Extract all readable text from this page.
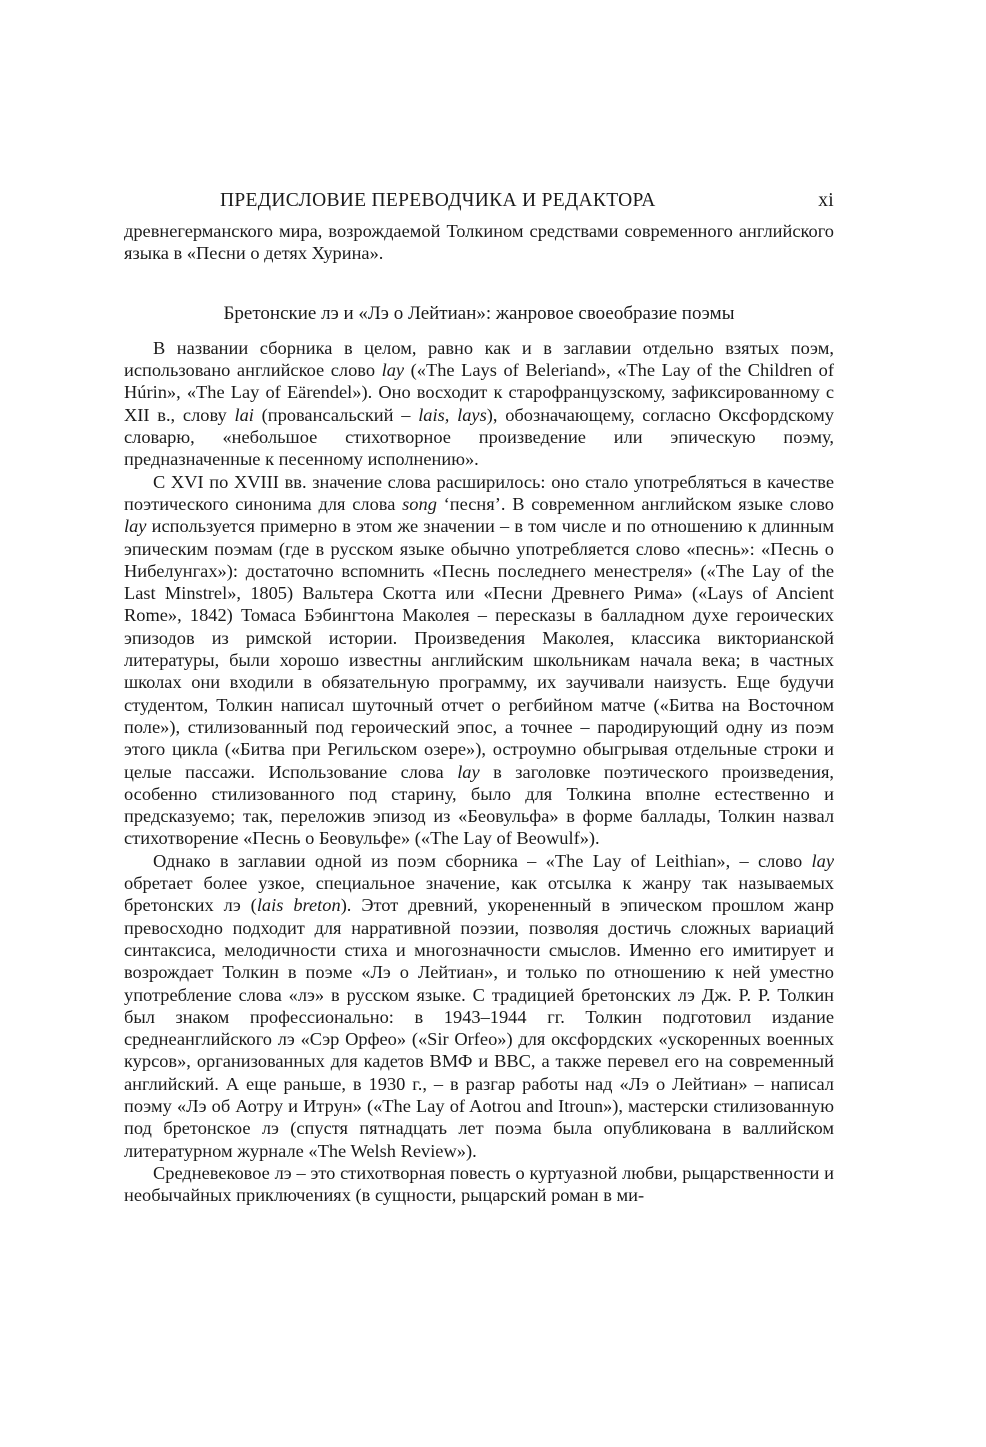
ПРЕДИСЛОВИЕ ПЕРЕВОДЧИКА И РЕДАКТОРА	xi

древнегерманского мира, возрождаемой Толкином средствами современного английского языка в «Песни о детях Хурина».

Бретонские лэ и «Лэ о Лейтиан»: жанровое своеобразие поэмы

В названии сборника в целом, равно как и в заглавии отдельно взятых поэм, использовано английское слово lay («The Lays of Beleriand», «The Lay of the Children of Húrin», «The Lay of Eärendel»). Оно восходит к старофранцузскому, зафиксированному с XII в., слову lai (провансальский – lais, lays), обозначающему, согласно Оксфордскому словарю, «небольшое стихотворное произведение или эпическую поэму, предназначенные к песенному исполнению».

С XVI по XVIII вв. значение слова расширилось: оно стало употребляться в качестве поэтического синонима для слова song ‘песня’. В современном английском языке слово lay используется примерно в этом же значении – в том числе и по отношению к длинным эпическим поэмам (где в русском языке обычно употребляется слово «песнь»: «Песнь о Нибелунгах»): достаточно вспомнить «Песнь последнего менестреля» («The Lay of the Last Minstrel», 1805) Вальтера Скотта или «Песни Древнего Рима» («Lays of Ancient Rome», 1842) Томаса Бэбингтона Маколея – пересказы в балладном духе героических эпизодов из римской истории. Произведения Маколея, классика викторианской литературы, были хорошо известны английским школьникам начала века; в частных школах они входили в обязательную программу, их заучивали наизусть. Еще будучи студентом, Толкин написал шуточный отчет о регбийном матче («Битва на Восточном поле»), стилизованный под героический эпос, а точнее – пародирующий одну из поэм этого цикла («Битва при Регильском озере»), остроумно обыгрывая отдельные строки и целые пассажи. Использование слова lay в заголовке поэтического произведения, особенно стилизованного под старину, было для Толкина вполне естественно и предсказуемо; так, переложив эпизод из «Беовульфа» в форме баллады, Толкин назвал стихотворение «Песнь о Беовульфе» («The Lay of Beowulf»).

Однако в заглавии одной из поэм сборника – «The Lay of Leithian», – слово lay обретает более узкое, специальное значение, как отсылка к жанру так называемых бретонских лэ (lais breton). Этот древний, укорененный в эпическом прошлом жанр превосходно подходит для нарративной поэзии, позволяя достичь сложных вариаций синтаксиса, мелодичности стиха и многозначности смыслов. Именно его имитирует и возрождает Толкин в поэме «Лэ о Лейтиан», и только по отношению к ней уместно употребление слова «лэ» в русском языке. С традицией бретонских лэ Дж. Р. Р. Толкин был знаком профессионально: в 1943–1944 гг. Толкин подготовил издание среднеанглийского лэ «Сэр Орфео» («Sir Orfeo») для оксфордских «ускоренных военных курсов», организованных для кадетов ВМФ и ВВС, а также перевел его на современный английский. А еще раньше, в 1930 г., – в разгар работы над «Лэ о Лейтиан» – написал поэму «Лэ об Аотру и Итрун» («The Lay of Aotrou and Itroun»), мастерски стилизованную под бретонское лэ (спустя пятнадцать лет поэма была опубликована в валлийском литературном журнале «The Welsh Review»).

Средневековое лэ – это стихотворная повесть о куртуазной любви, рыцарственности и необычайных приключениях (в сущности, рыцарский роман в ми-
